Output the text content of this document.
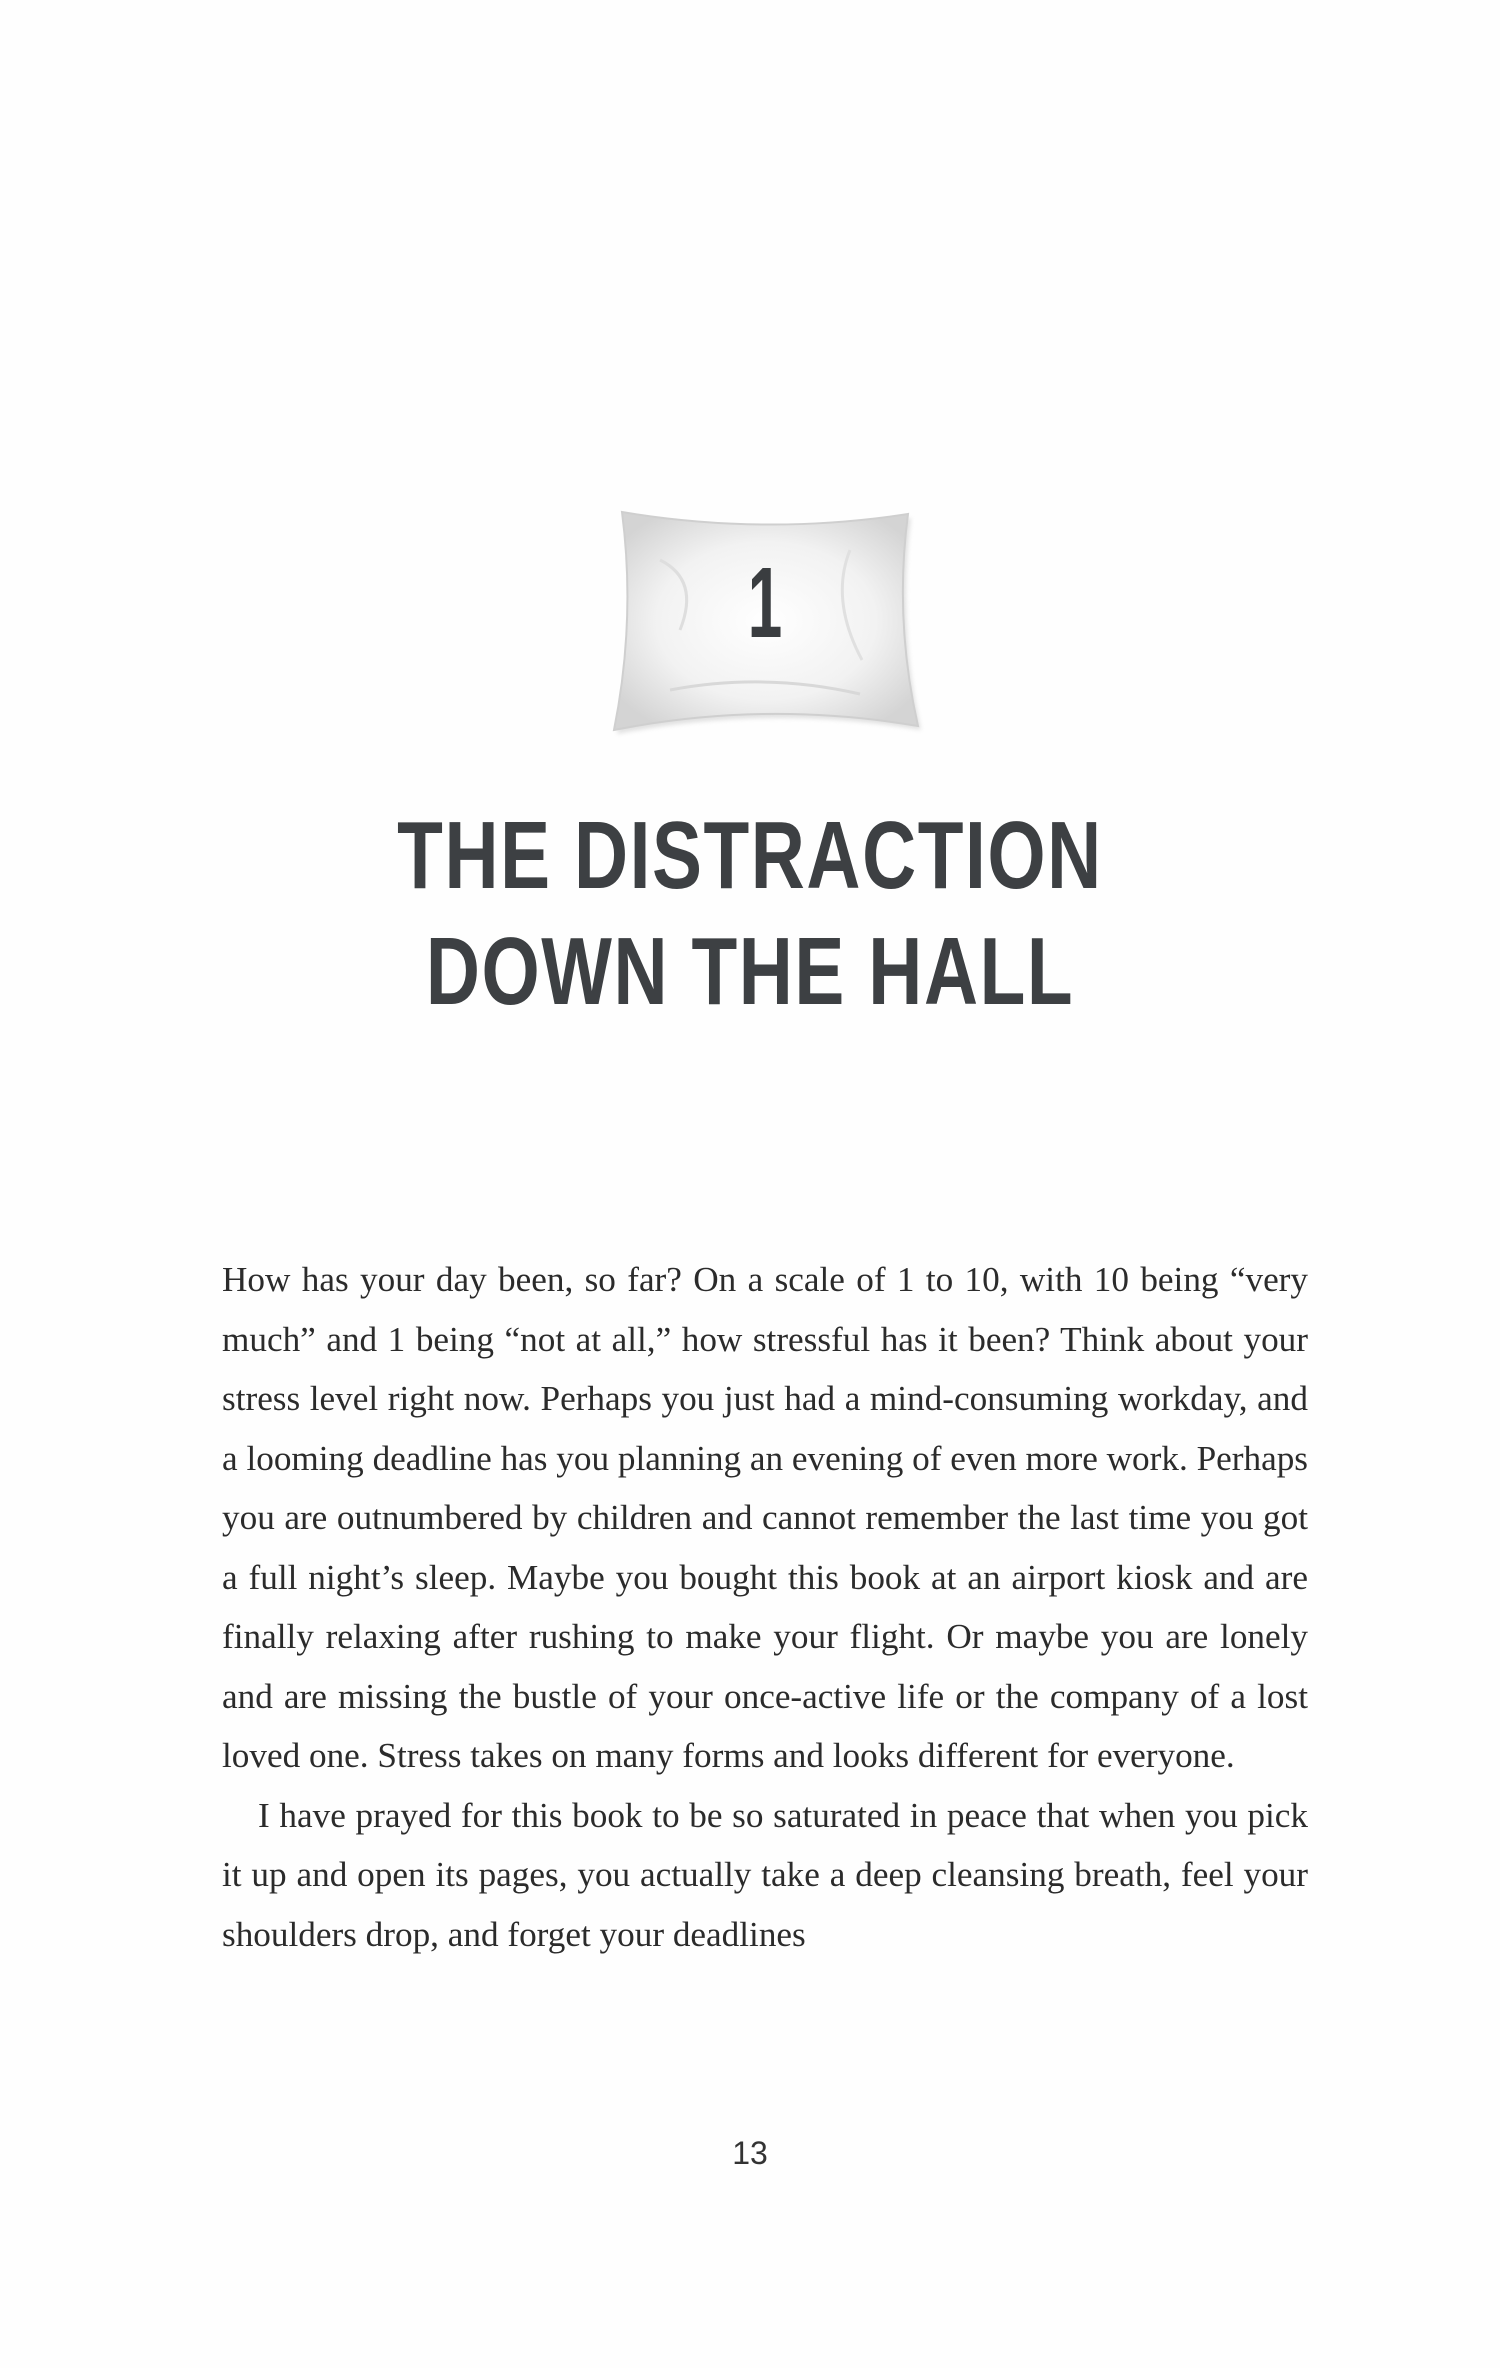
1
THE DISTRACTION
DOWN THE HALL

How has your day been, so far? On a scale of 1 to 10, with 10 being “very much” and 1 being “not at all,” how stressful has it been? Think about your stress level right now. Perhaps you just had a mind-consuming workday, and a looming deadline has you planning an evening of even more work. Perhaps you are outnumbered by children and cannot remember the last time you got a full night’s sleep. Maybe you bought this book at an airport kiosk and are finally relaxing after rushing to make your flight. Or maybe you are lonely and are missing the bustle of your once-active life or the company of a lost loved one. Stress takes on many forms and looks different for everyone.

I have prayed for this book to be so saturated in peace that when you pick it up and open its pages, you actually take a deep cleansing breath, feel your shoulders drop, and forget your deadlines

13
